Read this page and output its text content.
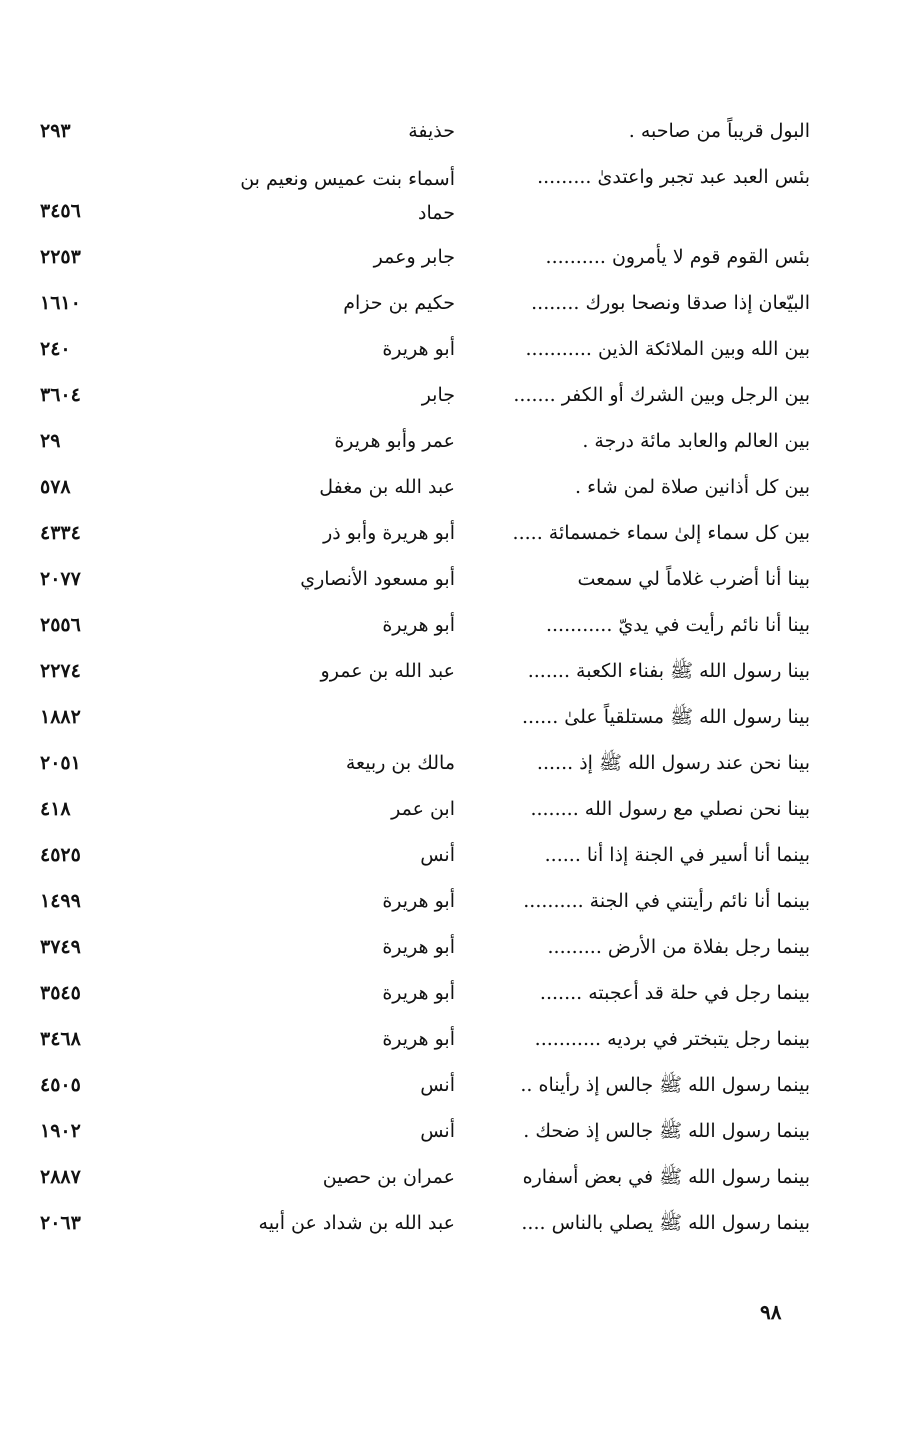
البول قريباً من صاحبه .
حذيفة
٢٩٣
بئس العبد عبد تجبر واعتدىٰ .........
أسماء بنت عميس ونعيم بن حماد
٣٤٥٦
بئس القوم قوم لا يأمرون ..........
جابر وعمر
٢٢٥٣
البيّعان إذا صدقا ونصحا بورك ........
حكيم بن حزام
١٦١٠
بين الله وبين الملائكة الذين ...........
أبو هريرة
٢٤٠
بين الرجل وبين الشرك أو الكفر .......
جابر
٣٦٠٤
بين العالم والعابد مائة درجة .
عمر وأبو هريرة
٢٩
بين كل أذانين صلاة لمن شاء .
عبد الله بن مغفل
٥٧٨
بين كل سماء إلىٰ سماء خمسمائة .....
أبو هريرة وأبو ذر
٤٣٣٤
بينا أنا أضرب غلاماً لي سمعت
أبو مسعود الأنصاري
٢٠٧٧
بينا أنا نائم رأيت في يديّ ...........
أبو هريرة
٢٥٥٦
بينا رسول الله ﷺ بفناء الكعبة .......
عبد الله بن عمرو
٢٢٧٤
بينا رسول الله ﷺ مستلقياً علىٰ ......
١٨٨٢
بينا نحن عند رسول الله ﷺ إذ ......
مالك بن ربيعة
٢٠٥١
بينا نحن نصلي مع رسول الله ........
ابن عمر
٤١٨
بينما أنا أسير في الجنة إذا أنا ......
أنس
٤٥٢٥
بينما أنا نائم رأيتني في الجنة ..........
أبو هريرة
١٤٩٩
بينما رجل بفلاة من الأرض .........
أبو هريرة
٣٧٤٩
بينما رجل في حلة قد أعجبته .......
أبو هريرة
٣٥٤٥
بينما رجل يتبختر في برديه ...........
أبو هريرة
٣٤٦٨
بينما رسول الله ﷺ جالس إذ رأيناه ..
أنس
٤٥٠٥
بينما رسول الله ﷺ جالس إذ ضحك .
أنس
١٩٠٢
بينما رسول الله ﷺ في بعض أسفاره
عمران بن حصين
٢٨٨٧
بينما رسول الله ﷺ يصلي بالناس ....
عبد الله بن شداد عن أبيه
٢٠٦٣
٩٨
